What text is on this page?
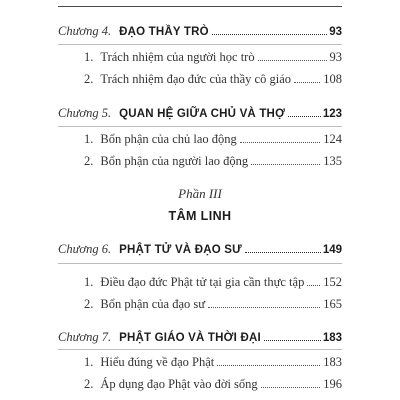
Chương 4. ĐẠO THẦY TRÒ	93
1. Trách nhiệm của người học trò	93
2. Trách nhiệm đạo đức của thầy cô giáo	108
Chương 5. QUAN HỆ GIỮA CHỦ VÀ THỢ	123
1. Bổn phận của chủ lao động	124
2. Bổn phận của người lao động	135
Phần III
TÂM LINH
Chương 6. PHẬT TỬ VÀ ĐẠO SƯ	149
1. Điều đạo đức Phật tử tại gia cần thực tập 152
2. Bổn phận của đạo sư	165
Chương 7. PHẬT GIÁO VÀ THỜI ĐẠI	183
1. Hiểu đúng về đạo Phật	183
2. Áp dụng đạo Phật vào đời sống	196
